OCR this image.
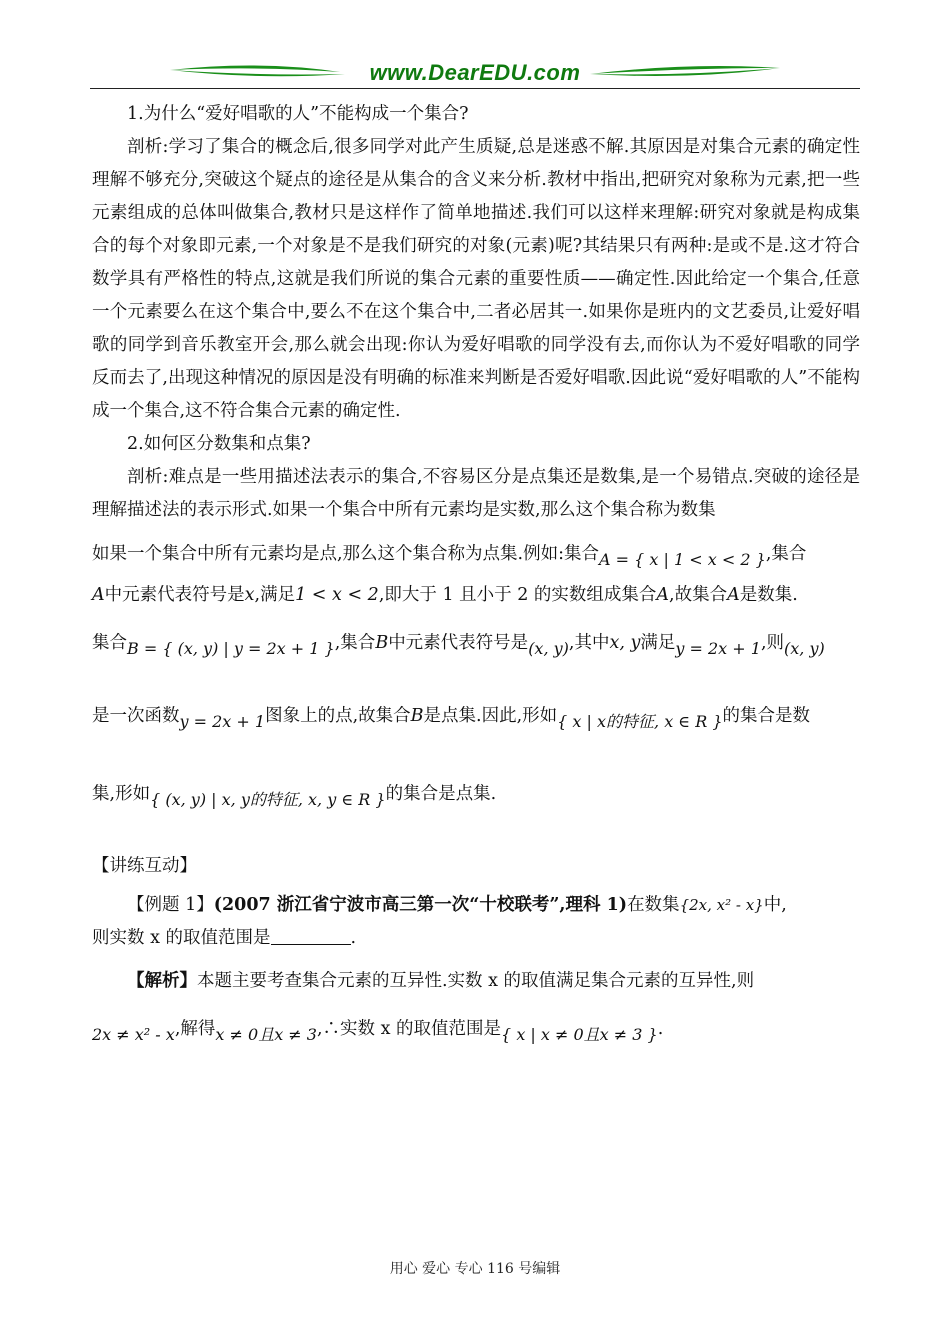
www.DearEDU.com

1.为什么“爱好唱歌的人”不能构成一个集合?

剖析:学习了集合的概念后,很多同学对此产生质疑,总是迷惑不解.其原因是对集合元素的确定性理解不够充分,突破这个疑点的途径是从集合的含义来分析.教材中指出,把研究对象称为元素,把一些元素组成的总体叫做集合,教材只是这样作了简单地描述.我们可以这样来理解:研究对象就是构成集合的每个对象即元素,一个对象是不是我们研究的对象(元素)呢?其结果只有两种:是或不是.这才符合数学具有严格性的特点,这就是我们所说的集合元素的重要性质——确定性.因此给定一个集合,任意一个元素要么在这个集合中,要么不在这个集合中,二者必居其一.如果你是班内的文艺委员,让爱好唱歌的同学到音乐教室开会,那么就会出现:你认为爱好唱歌的同学没有去,而你认为不爱好唱歌的同学反而去了,出现这种情况的原因是没有明确的标准来判断是否爱好唱歌.因此说“爱好唱歌的人”不能构成一个集合,这不符合集合元素的确定性.

2.如何区分数集和点集?

剖析:难点是一些用描述法表示的集合,不容易区分是点集还是数集,是一个易错点.突破的途径是理解描述法的表示形式.如果一个集合中所有元素均是实数,那么这个集合称为数集

如果一个集合中所有元素均是点,那么这个集合称为点集.例如:集合A = { x | 1 < x < 2 },集合

A中元素代表符号是x,满足1 < x < 2,即大于 1 且小于 2 的实数组成集合A,故集合A是数集.

集合B = { (x, y) | y = 2x + 1 },集合B中元素代表符号是(x, y),其中x, y满足y = 2x + 1,则(x, y)

是一次函数y = 2x + 1图象上的点,故集合B是点集.因此,形如{ x | x的特征, x ∈ R }的集合是数

集,形如{ (x, y) | x, y的特征, x, y ∈ R }的集合是点集.

【讲练互动】

【例题 1】(2007 浙江省宁波市高三第一次“十校联考”,理科 1)在数集{2x, x² - x}中,

则实数 x 的取值范围是	.

【解析】本题主要考查集合元素的互异性.实数 x 的取值满足集合元素的互异性,则

2x ≠ x² - x,解得x ≠ 0且x ≠ 3,∴实数 x 的取值范围是{ x | x ≠ 0且x ≠ 3 }.

用心 爱心 专心 116 号编辑
